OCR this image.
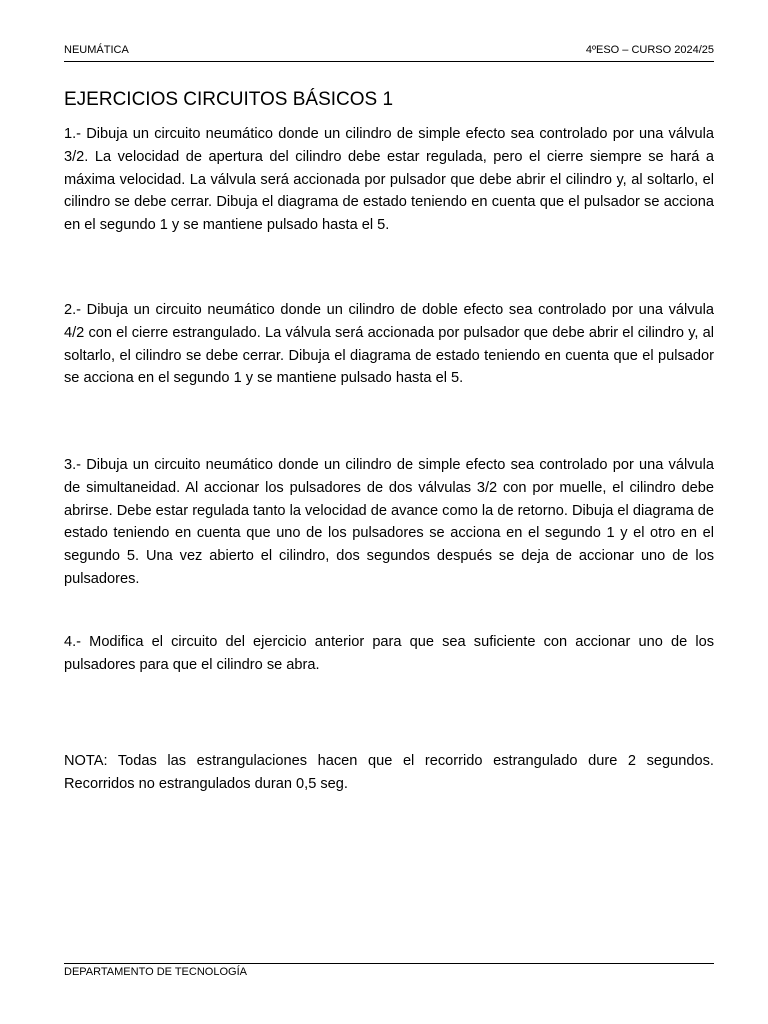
NEUMÁTICA	4ºESO – CURSO 2024/25
EJERCICIOS CIRCUITOS BÁSICOS 1

1.- Dibuja un circuito neumático donde un cilindro de simple efecto sea controlado por una válvula 3/2. La velocidad de apertura del cilindro debe estar regulada, pero el cierre siempre se hará a máxima velocidad. La válvula será accionada por pulsador que debe abrir el cilindro y, al soltarlo, el cilindro se debe cerrar. Dibuja el diagrama de estado teniendo en cuenta que el pulsador se acciona en el segundo 1 y se mantiene pulsado hasta el 5.

2.- Dibuja un circuito neumático donde un cilindro de doble efecto sea controlado por una válvula 4/2 con el cierre estrangulado. La válvula será accionada por pulsador que debe abrir el cilindro y, al soltarlo, el cilindro se debe cerrar. Dibuja el diagrama de estado teniendo en cuenta que el pulsador se acciona en el segundo 1 y se mantiene pulsado hasta el 5.

3.- Dibuja un circuito neumático donde un cilindro de simple efecto sea controlado por una válvula de simultaneidad. Al accionar los pulsadores de dos válvulas 3/2 con por muelle, el cilindro debe abrirse. Debe estar regulada tanto la velocidad de avance como la de retorno. Dibuja el diagrama de estado teniendo en cuenta que uno de los pulsadores se acciona en el segundo 1 y el otro en el segundo 5. Una vez abierto el cilindro, dos segundos después se deja de accionar uno de los pulsadores.

4.- Modifica el circuito del ejercicio anterior para que sea suficiente con accionar uno de los pulsadores para que el cilindro se abra.

NOTA: Todas las estrangulaciones hacen que el recorrido estrangulado dure 2 segundos. Recorridos no estrangulados duran 0,5 seg.

DEPARTAMENTO DE TECNOLOGÍA
